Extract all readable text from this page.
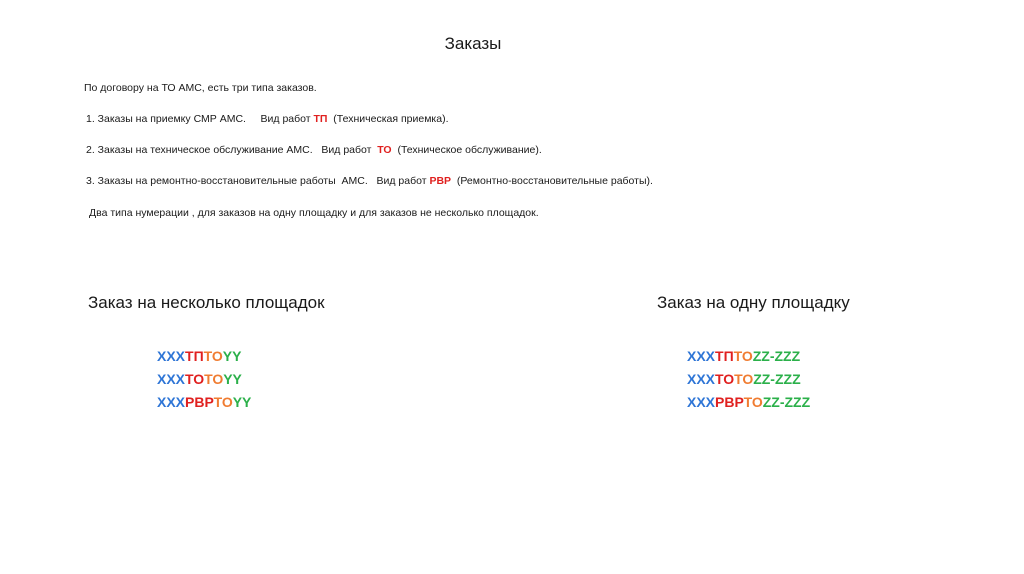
Заказы
По договору на ТО АМС, есть три типа заказов.
1. Заказы на приемку СМР АМС.     Вид работ ТП  (Техническая приемка).
2. Заказы на техническое обслуживание АМС.   Вид работ  ТО  (Техническое обслуживание).
3. Заказы на ремонтно-восстановительные работы  АМС.   Вид работ РВР  (Ремонтно-восстановительные работы).
Два типа нумерации , для заказов на одну площадку и для заказов не несколько площадок.
Заказ на несколько площадок	Заказ на одну площадку
ХХХТПТОYY
ХХХТОТОYY
ХХХРВРТОYY
ХХХТПТОZZ-ZZZ
ХХХТОТОZZ-ZZZ
ХХХРВРТОZZ-ZZZ
